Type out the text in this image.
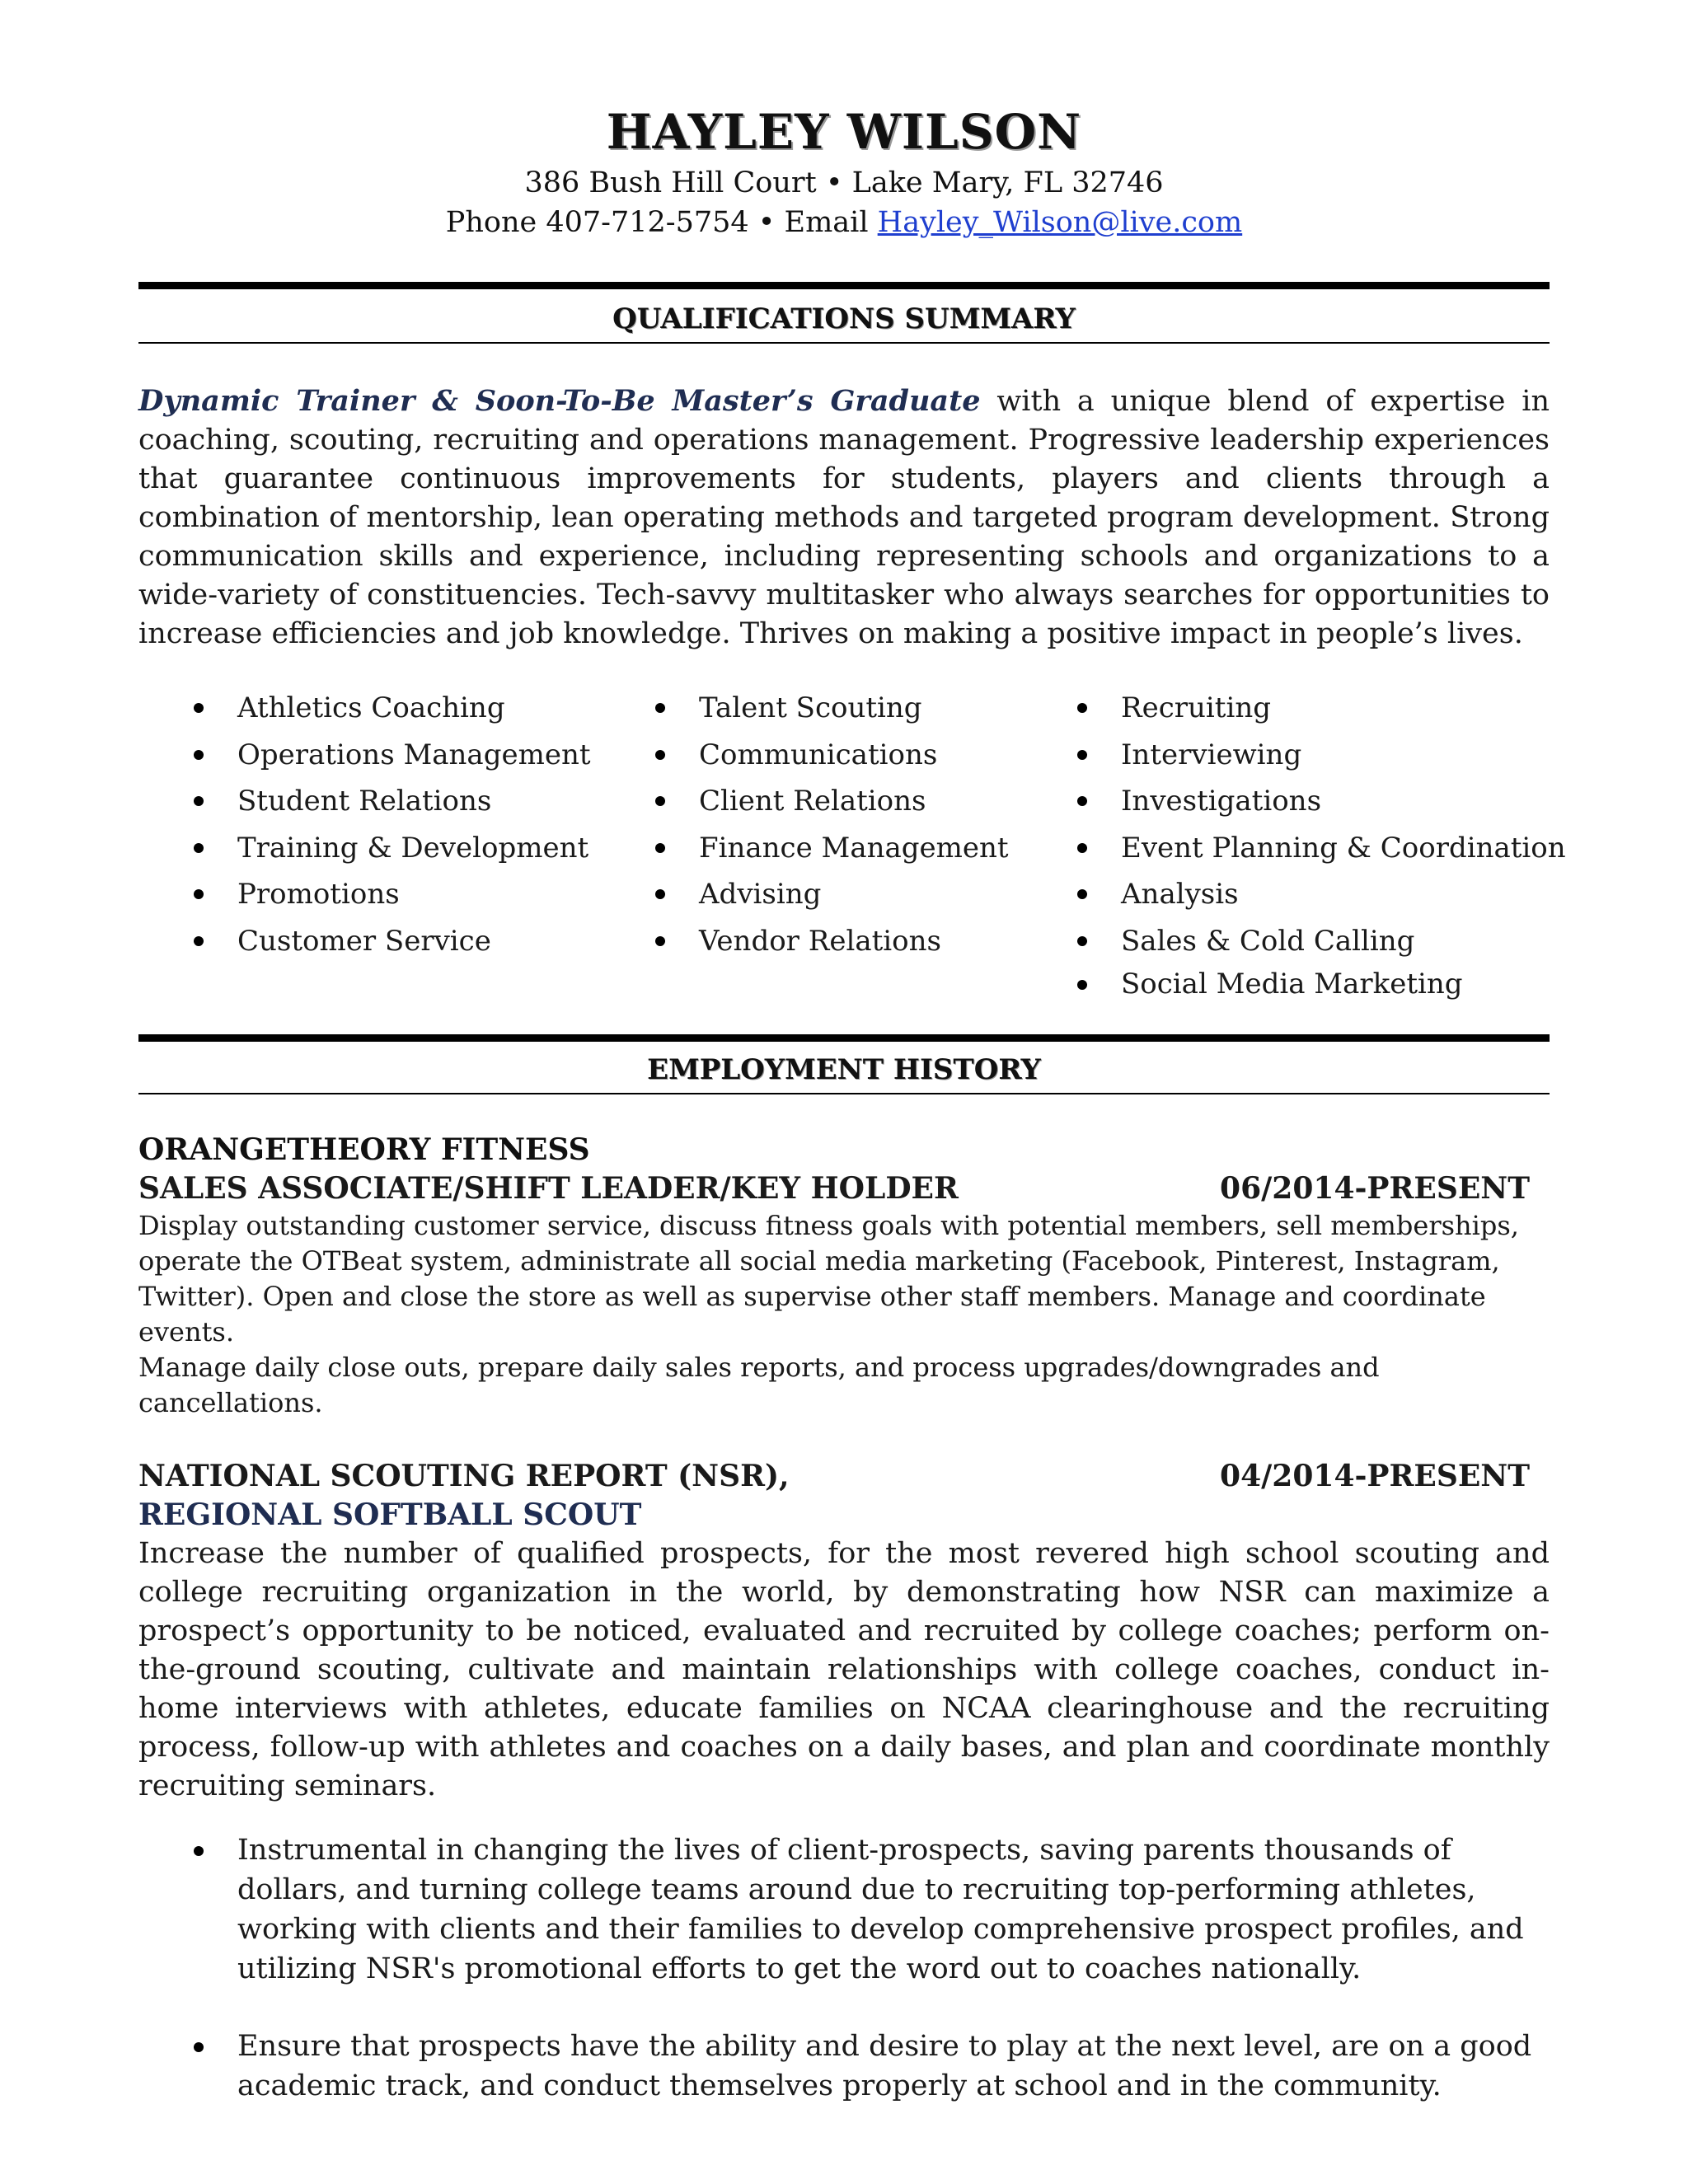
HAYLEY WILSON
386 Bush Hill Court • Lake Mary, FL 32746
Phone 407-712-5754 • Email Hayley_Wilson@live.com
QUALIFICATIONS SUMMARY

Dynamic Trainer & Soon-To-Be Master’s Graduate with a unique blend of expertise in coaching, scouting, recruiting and operations management. Progressive leadership experiences that guarantee continuous improvements for students, players and clients through a combination of mentorship, lean operating methods and targeted program development. Strong communication skills and experience, including representing schools and organizations to a wide-variety of constituencies. Tech-savvy multitasker who always searches for opportunities to increase efficiencies and job knowledge. Thrives on making a positive impact in people’s lives.

Athletics Coaching
Operations Management
Student Relations
Training & Development
Promotions
Customer Service
Talent Scouting
Communications
Client Relations
Finance Management
Advising
Vendor Relations
Recruiting
Interviewing
Investigations
Event Planning & Coordination
Analysis
Sales & Cold Calling
Social Media Marketing
EMPLOYMENT HISTORY
ORANGETHEORY FITNESS
SALES ASSOCIATE/SHIFT LEADER/KEY HOLDER	06/2014-PRESENT

Display outstanding customer service, discuss fitness goals with potential members, sell memberships,
operate the OTBeat system, administrate all social media marketing (Facebook, Pinterest, Instagram,
Twitter). Open and close the store as well as supervise other staff members. Manage and coordinate events.
Manage daily close outs, prepare daily sales reports, and process upgrades/downgrades and cancellations.

NATIONAL SCOUTING REPORT (NSR),	04/2014-PRESENT
REGIONAL SOFTBALL SCOUT

Increase the number of qualified prospects, for the most revered high school scouting and college recruiting organization in the world, by demonstrating how NSR can maximize a prospect’s opportunity to be noticed, evaluated and recruited by college coaches; perform on-the-ground scouting, cultivate and maintain relationships with college coaches, conduct in-home interviews with athletes, educate families on NCAA clearinghouse and the recruiting process, follow-up with athletes and coaches on a daily bases, and plan and coordinate monthly recruiting seminars.

Instrumental in changing the lives of client-prospects, saving parents thousands of dollars, and turning college teams around due to recruiting top-performing athletes, working with clients and their families to develop comprehensive prospect profiles, and utilizing NSR's promotional efforts to get the word out to coaches nationally.
Ensure that prospects have the ability and desire to play at the next level, are on a good academic track, and conduct themselves properly at school and in the community.
